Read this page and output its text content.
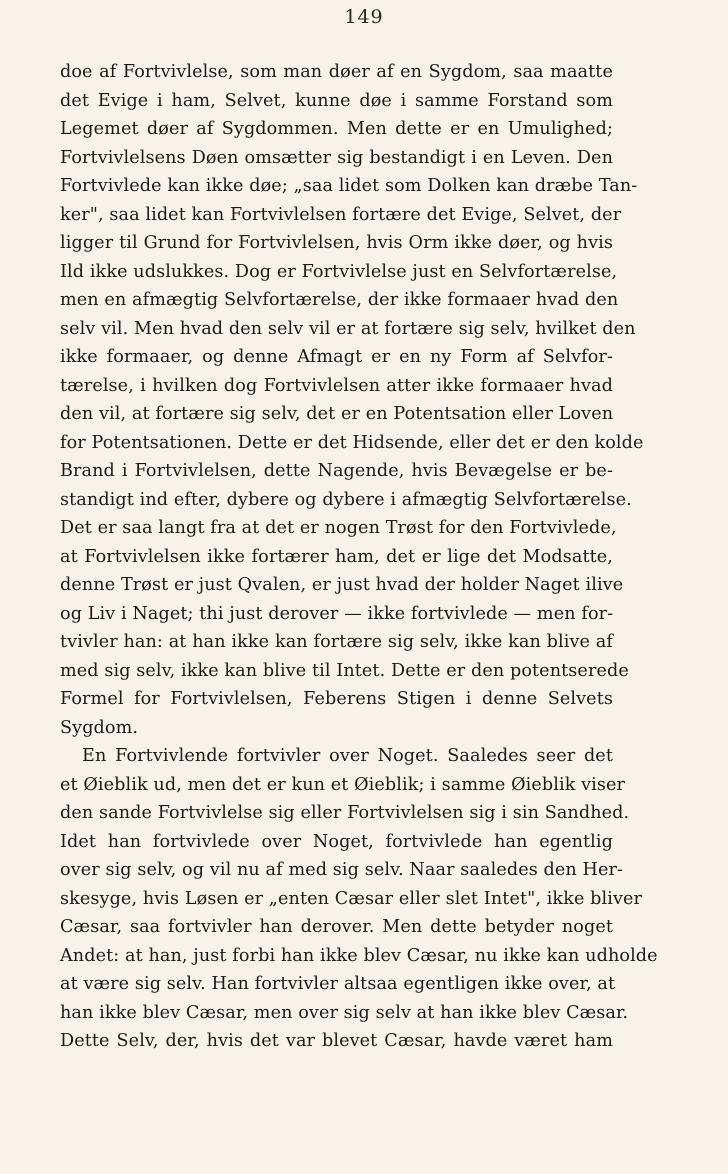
149
doe af Fortvivlelse, som man døer af en Sygdom, saa maatte
det Evige i ham, Selvet, kunne døe i samme Forstand som
Legemet døer af Sygdommen. Men dette er en Umulighed;
Fortvivlelsens Døen omsætter sig bestandigt i en Leven. Den
Fortvivlede kan ikke døe; „saa lidet som Dolken kan dræbe Tan-
ker", saa lidet kan Fortvivlelsen fortære det Evige, Selvet, der
ligger til Grund for Fortvivlelsen, hvis Orm ikke døer, og hvis
Ild ikke udslukkes. Dog er Fortvivlelse just en Selvfortærelse,
men en afmægtig Selvfortærelse, der ikke formaaer hvad den
selv vil. Men hvad den selv vil er at fortære sig selv, hvilket den
ikke formaaer, og denne Afmagt er en ny Form af Selvfor-
tærelse, i hvilken dog Fortvivlelsen atter ikke formaaer hvad
den vil, at fortære sig selv, det er en Potentsation eller Loven
for Potentsationen. Dette er det Hidsende, eller det er den kolde
Brand i Fortvivlelsen, dette Nagende, hvis Bevægelse er be-
standigt ind efter, dybere og dybere i afmægtig Selvfortærelse.
Det er saa langt fra at det er nogen Trøst for den Fortvivlede,
at Fortvivlelsen ikke fortærer ham, det er lige det Modsatte,
denne Trøst er just Qvalen, er just hvad der holder Naget ilive
og Liv i Naget; thi just derover — ikke fortvivlede — men for-
tvivler han: at han ikke kan fortære sig selv, ikke kan blive af
med sig selv, ikke kan blive til Intet. Dette er den potentserede
Formel for Fortvivlelsen, Feberens Stigen i denne Selvets
Sygdom.
En Fortvivlende fortvivler over Noget. Saaledes seer det
et Øieblik ud, men det er kun et Øieblik; i samme Øieblik viser
den sande Fortvivlelse sig eller Fortvivlelsen sig i sin Sandhed.
Idet han fortvivlede over Noget, fortvivlede han egentlig
over sig selv, og vil nu af med sig selv. Naar saaledes den Her-
skesyge, hvis Løsen er „enten Cæsar eller slet Intet", ikke bliver
Cæsar, saa fortvivler han derover. Men dette betyder noget
Andet: at han, just forbi han ikke blev Cæsar, nu ikke kan udholde
at være sig selv. Han fortvivler altsaa egentligen ikke over, at
han ikke blev Cæsar, men over sig selv at han ikke blev Cæsar.
Dette Selv, der, hvis det var blevet Cæsar, havde været ham
